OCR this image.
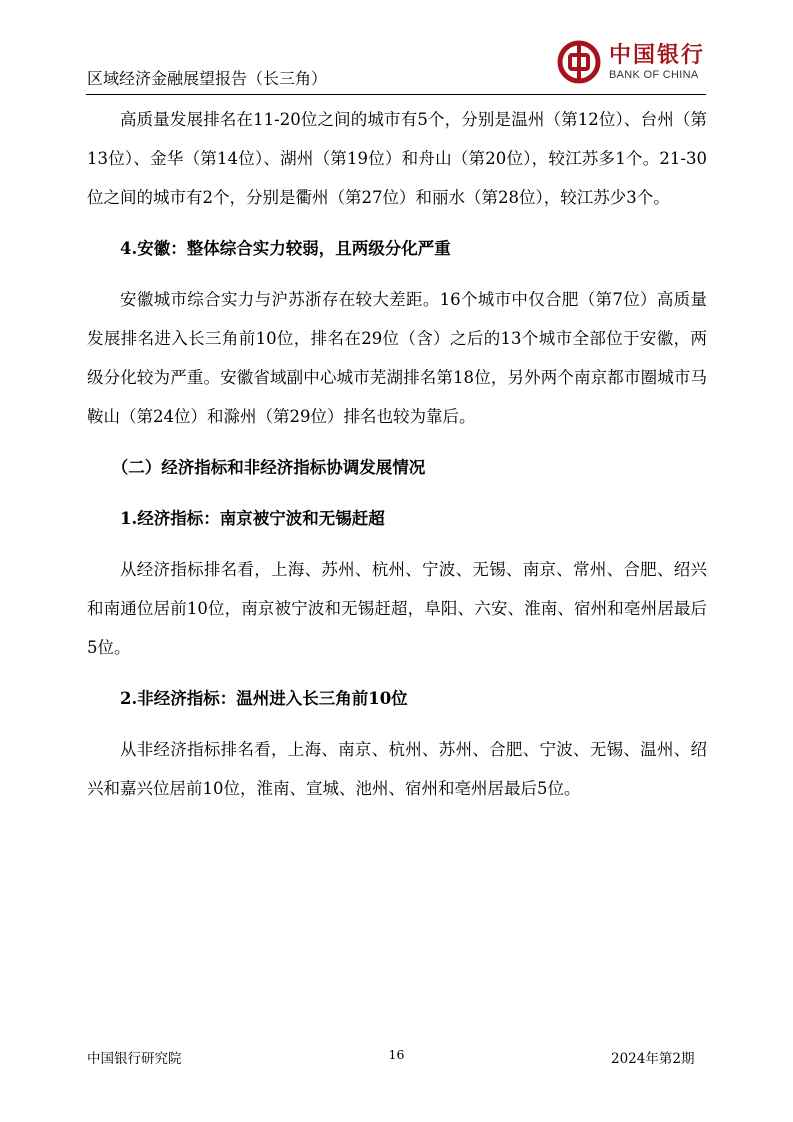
区域经济金融展望报告（长三角）
中国银行
BANK OF CHINA

高质量发展排名在11-20位之间的城市有5个，分别是温州（第12位）、台州（第13位）、金华（第14位）、湖州（第19位）和舟山（第20位），较江苏多1个。21-30位之间的城市有2个，分别是衢州（第27位）和丽水（第28位），较江苏少3个。

4.安徽：整体综合实力较弱，且两级分化严重

安徽城市综合实力与沪苏浙存在较大差距。16个城市中仅合肥（第7位）高质量发展排名进入长三角前10位，排名在29位（含）之后的13个城市全部位于安徽，两级分化较为严重。安徽省域副中心城市芜湖排名第18位，另外两个南京都市圈城市马鞍山（第24位）和滁州（第29位）排名也较为靠后。

（二）经济指标和非经济指标协调发展情况

1.经济指标：南京被宁波和无锡赶超

从经济指标排名看，上海、苏州、杭州、宁波、无锡、南京、常州、合肥、绍兴和南通位居前10位，南京被宁波和无锡赶超，阜阳、六安、淮南、宿州和亳州居最后5位。

2.非经济指标：温州进入长三角前10位

从非经济指标排名看，上海、南京、杭州、苏州、合肥、宁波、无锡、温州、绍兴和嘉兴位居前10位，淮南、宣城、池州、宿州和亳州居最后5位。

中国银行研究院	16	2024年第2期
